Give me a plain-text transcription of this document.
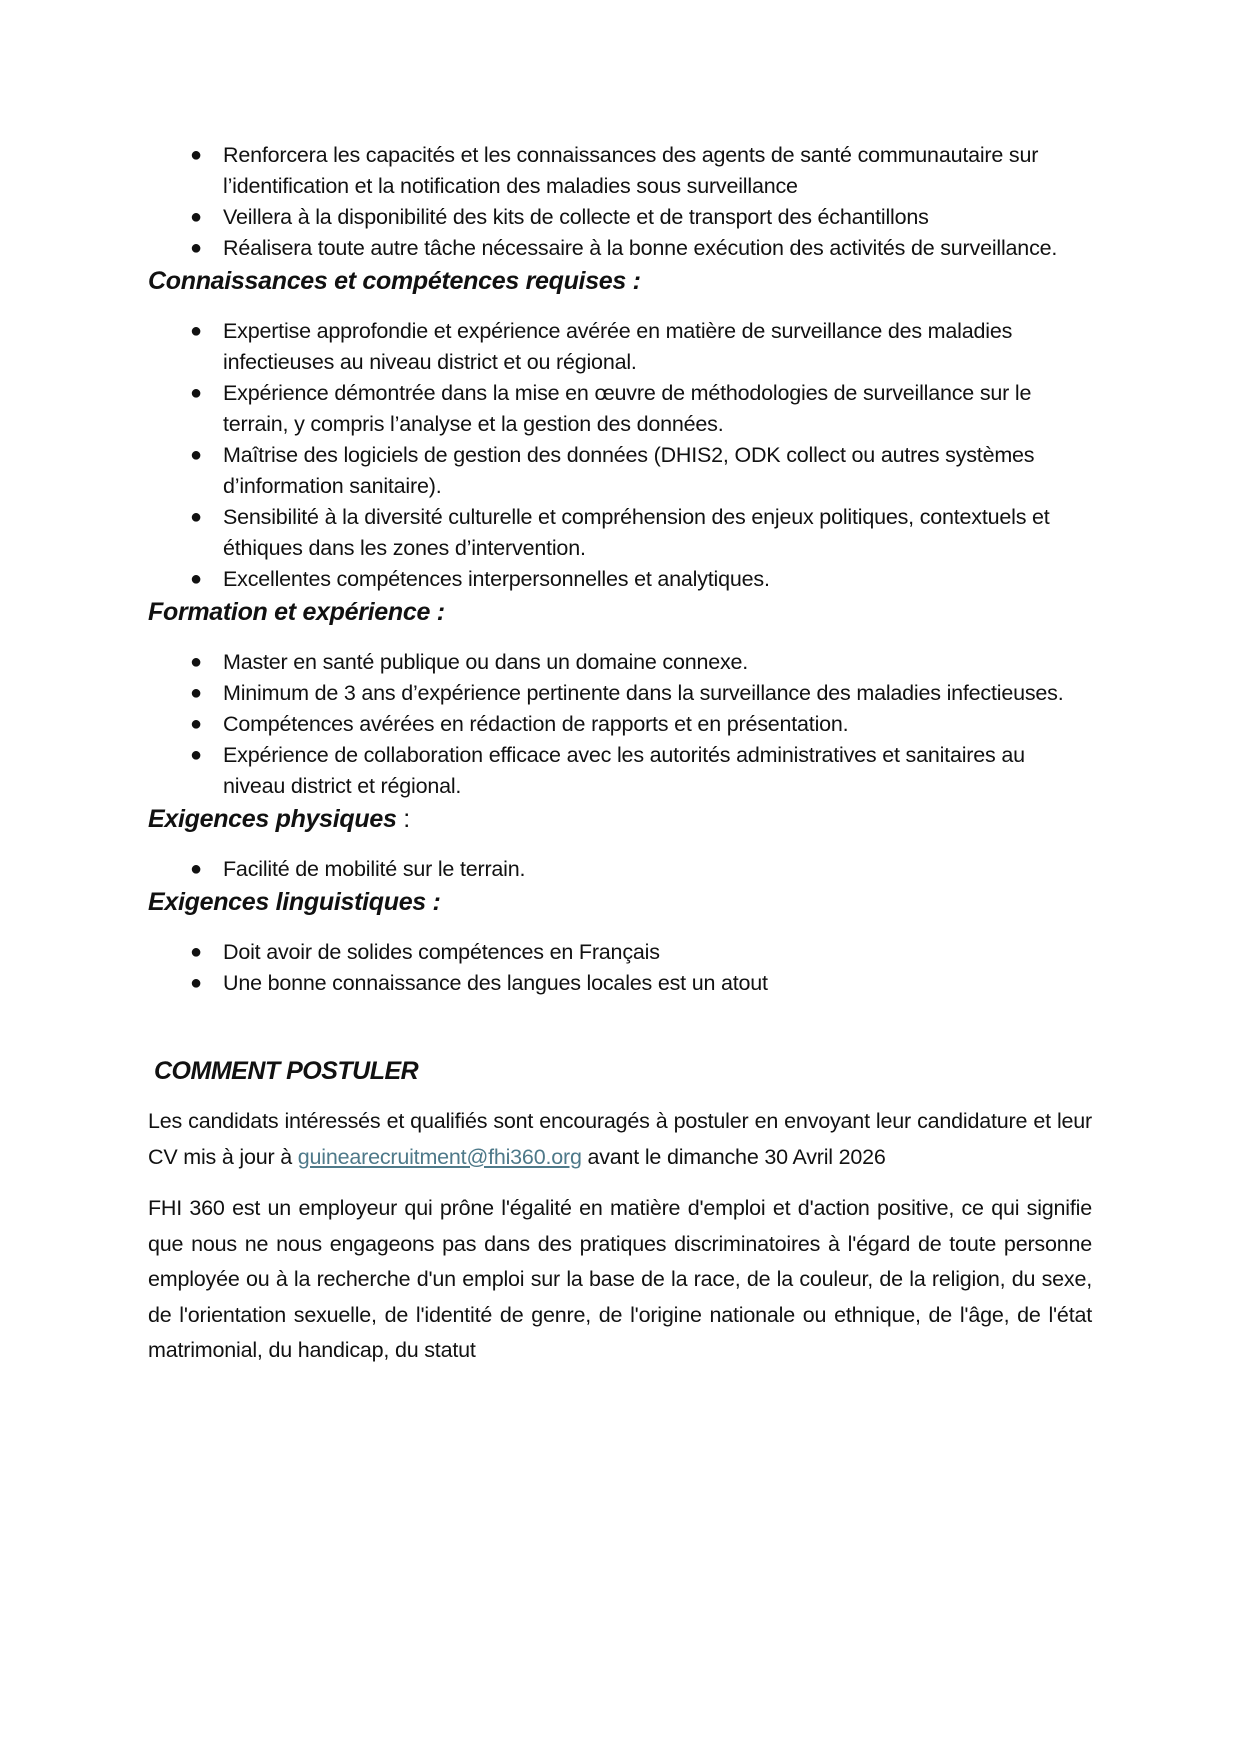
● Renforcera les capacités et les connaissances des agents de santé communautaire sur l’identification et la notification des maladies sous surveillance
● Veillera à la disponibilité des kits de collecte et de transport des échantillons
● Réalisera toute autre tâche nécessaire à la bonne exécution des activités de surveillance.
Connaissances et compétences requises :
● Expertise approfondie et expérience avérée en matière de surveillance des maladies infectieuses au niveau district et ou régional.
● Expérience démontrée dans la mise en œuvre de méthodologies de surveillance sur le terrain, y compris l’analyse et la gestion des données.
● Maîtrise des logiciels de gestion des données (DHIS2, ODK collect ou autres systèmes d’information sanitaire).
● Sensibilité à la diversité culturelle et compréhension des enjeux politiques, contextuels et éthiques dans les zones d’intervention.
● Excellentes compétences interpersonnelles et analytiques.
Formation et expérience :
● Master en santé publique ou dans un domaine connexe.
● Minimum de 3 ans d’expérience pertinente dans la surveillance des maladies infectieuses.
● Compétences avérées en rédaction de rapports et en présentation.
● Expérience de collaboration efficace avec les autorités administratives et sanitaires au niveau district et régional.
Exigences physiques :
● Facilité de mobilité sur le terrain.
Exigences linguistiques :
● Doit avoir de solides compétences en Français
● Une bonne connaissance des langues locales est un atout
COMMENT POSTULER

Les candidats intéressés et qualifiés sont encouragés à postuler en envoyant leur candidature et leur CV mis à jour à guinearecruitment@fhi360.org avant le dimanche 30 Avril 2026

FHI 360 est un employeur qui prône l'égalité en matière d'emploi et d'action positive, ce qui signifie que nous ne nous engageons pas dans des pratiques discriminatoires à l'égard de toute personne employée ou à la recherche d'un emploi sur la base de la race, de la couleur, de la religion, du sexe, de l'orientation sexuelle, de l'identité de genre, de l'origine nationale ou ethnique, de l'âge, de l'état matrimonial, du handicap, du statut
